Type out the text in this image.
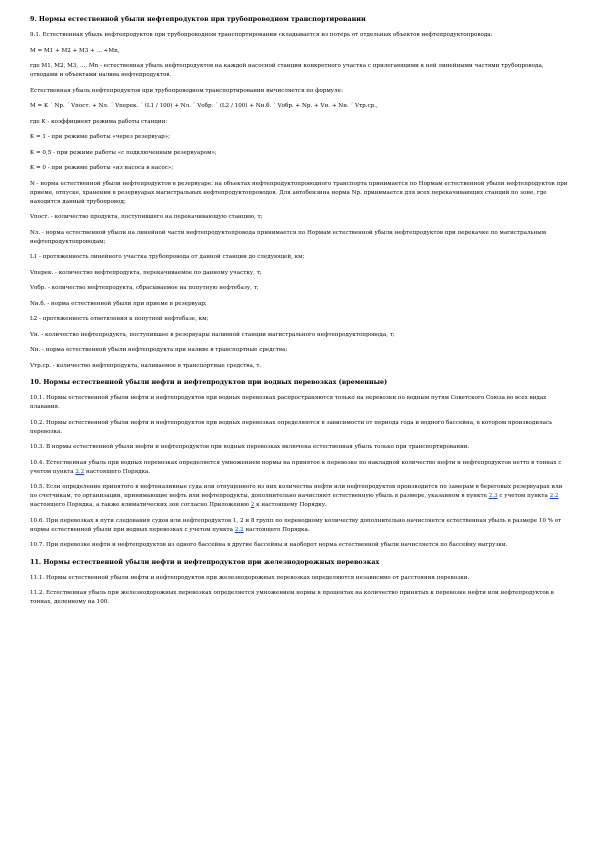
9. Нормы естественной убыли нефтепродуктов при трубопроводном транспортировании
9.1. Естественная убыль нефтепродуктов при трубопроводном транспортировании складывается из потерь от отдельных объектов нефтепродуктопровода:
M = M1 + M2 + M3 + ... +Mn,
где M1, M2, M3, ..., Mn - естественная убыль нефтепродуктов на каждой насосной станции конкретного участка с прилегающими к ней линейными частями трубопровода, отводами и объектами налива нефтепродуктов.
Естественная убыль нефтепродуктов при трубопроводном транспортировании вычисляется по формуле:
M = K ´ Nр. ´ Vпост. + Nл. ´ Vперек. ´ (L1 / 100) + Nл. ´ Vобр. ´ (L2 / 100) + Nн.б. ´ Vобр. + Nр. + Vн. + Nн. ´ Vтр.ср.,
где K - коэффициент режима работы станции:
K = 1 - при режиме работы «через резервуар»;
K = 0,5 - при режиме работы «с подключенным резервуаром»;
K = 0 - при режиме работы «из насоса в насос»;
N - норма естественной убыли нефтепродуктов в резервуаре: на объектах нефтепродуктопроводного транспорта принимается по Нормам естественной убыли нефтепродуктов при приеме, отпуске, хранении в резервуарах магистральных нефтепродуктопроводов. Для автобензина норма Nр. принимается для всех перекачивающих станций по зоне, где находится данный трубопровод;
Vпост. - количество продукта, поступившего на перекачивающую станцию, т;
Nл. - норма естественной убыли на линейной части нефтепродуктопровода принимается по Нормам естественной убыли нефтепродуктов при перекачке по магистральным нефтепродуктопроводам;
L1 - протяженность линейного участка трубопровода от данной станции до следующей, км;
Vперек. - количество нефтепродукта, перекачиваемое по данному участку, т;
Vобр. - количество нефтепродукта, сбрасываемое на попутную нефтебазу, т;
Nн.б. - норма естественной убыли при приеме в резервуар;
L2 - протяженность ответвления к попутной нефтебазе, км;
Vн. - количество нефтепродукта, поступившее в резервуары наливной станции магистрального нефтепродуктопровода, т;
Nн. - норма естественной убыли нефтепродукта при наливе в транспортные средства;
Vтр.ср. - количество нефтепродукта, наливаемое в транспортные средства, т.
10. Нормы естественной убыли нефти и нефтепродуктов при водных перевозках (временные)
10.1. Нормы естественной убыли нефти и нефтепродуктов при водных перевозках распространяются только на перевозки по водным путям Советского Союза во всех видах плавания.
10.2. Нормы естественной убыли нефти и нефтепродуктов при водных перевозках определяются в зависимости от периода года и водного бассейна, в котором производилась перевозка.
10.3. В нормы естественной убыли нефти и нефтепродуктов при водных перевозках включена естественная убыль только при транспортировании.
10.4. Естественная убыль при водных перевозках определяется умножением нормы на принятое к перевозке по накладной количество нефти и нефтепродуктов нетто в тоннах с учетом пункта 2.2 настоящего Порядка.
10.5. Если определение принятого в нефтеналивные суда или отпущенного из них количества нефти или нефтепродуктов производится по замерам в береговых резервуарах или по счетчикам, то организации, принимающие нефть или нефтепродукты, дополнительно начисляют естественную убыль в размере, указанном в пункте 2.3 с учетом пункта 2.2 настоящего Порядка, а также климатических зон согласно Приложению 2 к настоящему Порядку.
10.6. При перевозках в пути следования судов или нефтепродуктов 1, 2 и 8 групп по переводному количеству дополнительно начисляется естественная убыль в размере 10 % от нормы естественной убыли при водных перевозках с учетом пункта 2.2 настоящего Порядка.
10.7. При перевозке нефти и нефтепродуктов из одного бассейна в другие бассейны и наоборот норма естественной убыли начисляется по бассейну выгрузки.
11. Нормы естественной убыли нефти и нефтепродуктов при железнодорожных перевозках
11.1. Нормы естественной убыли нефти и нефтепродуктов при железнодорожных перевозках определяются независимо от расстояния перевозки.
11.2. Естественная убыль при железнодорожных перевозках определяется умножением нормы в процентах на количество принятых к перевозке нефти или нефтепродуктов в тоннах, деленному на 100.
